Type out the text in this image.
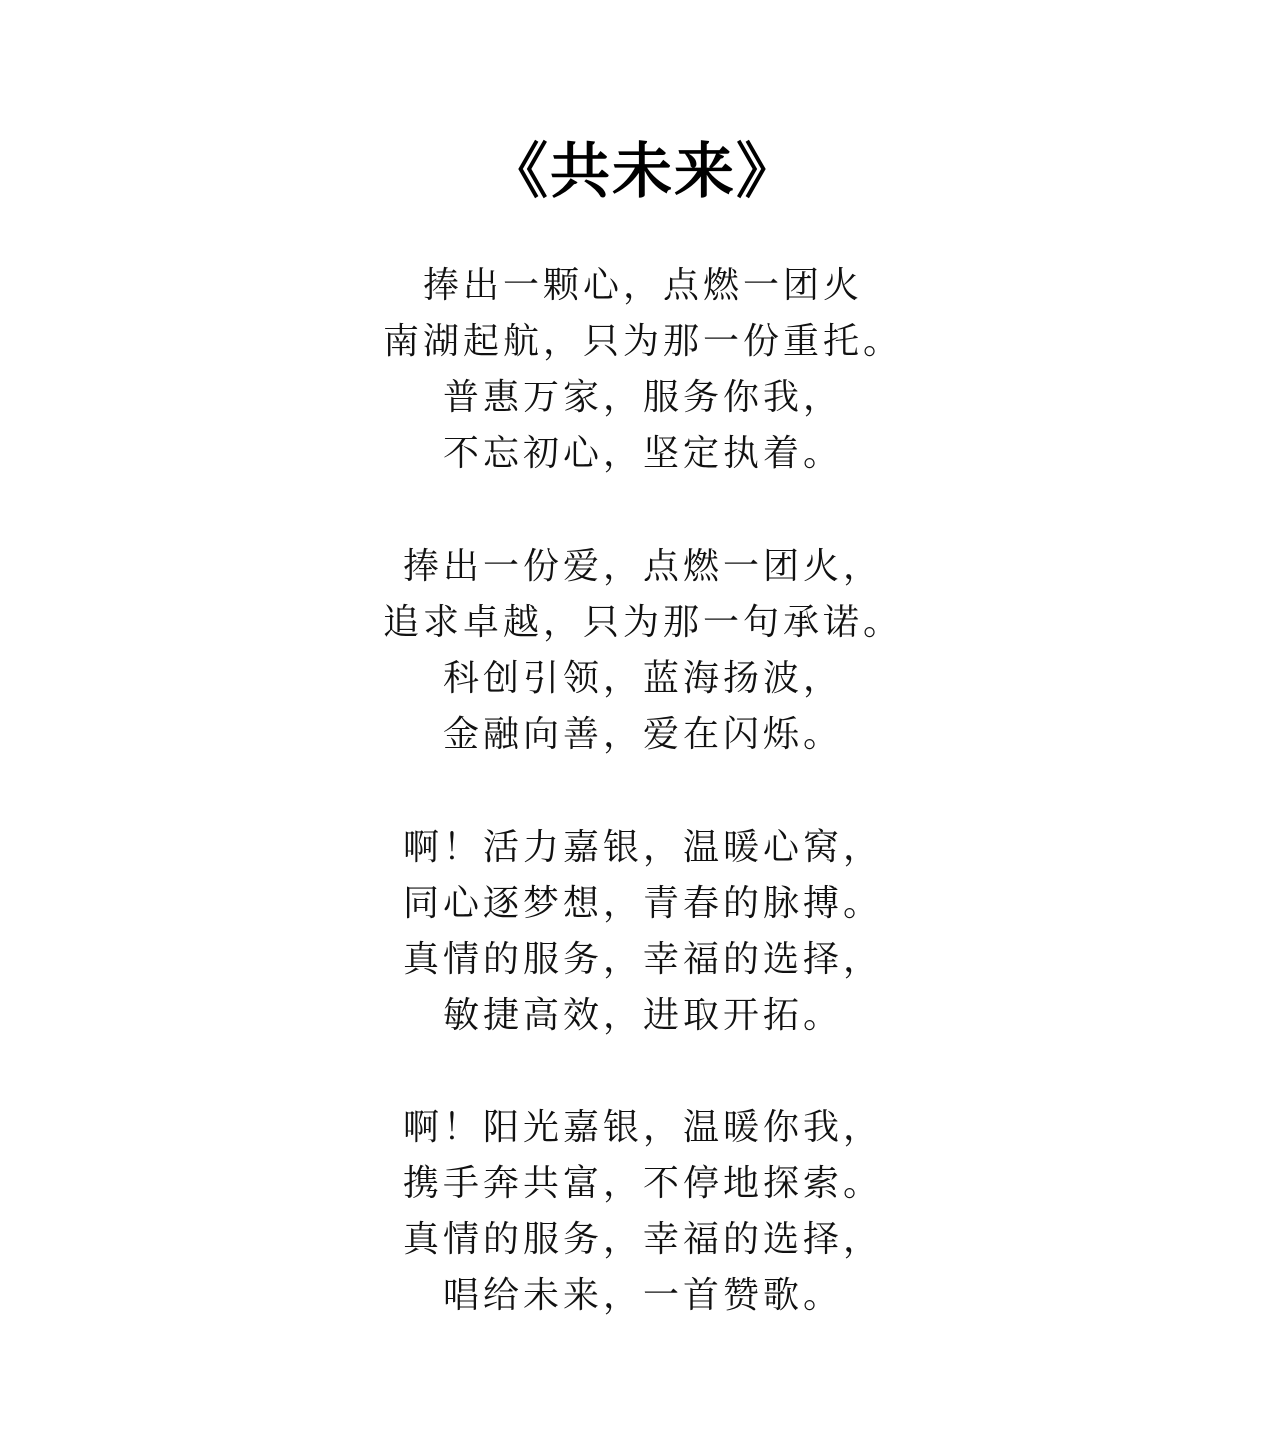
《共未来》
捧出一颗心，点燃一团火
南湖起航，只为那一份重托。
普惠万家，服务你我，
不忘初心，坚定执着。
捧出一份爱，点燃一团火，
追求卓越，只为那一句承诺。
科创引领，蓝海扬波，
金融向善，爱在闪烁。
啊！活力嘉银，温暖心窝，
同心逐梦想，青春的脉搏。
真情的服务，幸福的选择，
敏捷高效，进取开拓。
啊！阳光嘉银，温暖你我，
携手奔共富，不停地探索。
真情的服务，幸福的选择，
唱给未来，一首赞歌。
